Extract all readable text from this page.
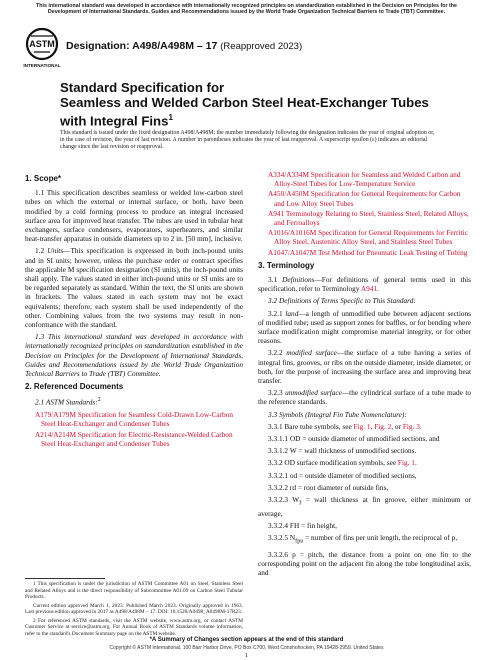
This international standard was developed in accordance with internationally recognized principles on standardization established in the Decision on Principles for the Development of International Standards, Guides and Recommendations issued by the World Trade Organization Technical Barriers to Trade (TBT) Committee.
ASTM
INTERNATIONAL
Designation: A498/A498M – 17 (Reapproved 2023)
Standard Specification for
Seamless and Welded Carbon Steel Heat-Exchanger Tubes
with Integral Fins$^1$
This standard is issued under the fixed designation A498/A498M; the number immediately following the designation indicates the year of original adoption or, in the case of revision, the year of last revision. A number in parentheses indicates the year of last reapproval. A superscript epsilon (ε) indicates an editorial change since the last revision or reapproval.
1. Scope*

1.1 This specification describes seamless or welded low-carbon steel tubes on which the external or internal surface, or both, have been modified by a cold forming process to produce an integral increased surface area for improved heat transfer. The tubes are used in tubular heat exchangers, surface condensers, evaporators, superheaters, and similar heat-transfer apparatus in outside diameters up to 2 in. [50 mm], inclusive.

1.2 Units—This specification is expressed in both inch-pound units and in SI units; however, unless the purchase order or contract specifies the applicable M specification designation (SI units), the inch-pound units shall apply. The values stated in either inch-pound units or SI units are to be regarded separately as standard. Within the text, the SI units are shown in brackets. The values stated in each system may not be exact equivalents; therefore, each system shall be used independently of the other. Combining values from the two systems may result in non-conformance with the standard.

1.3 This international standard was developed in accordance with internationally recognized principles on standardization established in the Decision on Principles for the Development of International Standards, Guides and Recommendations issued by the World Trade Organization Technical Barriers to Trade (TBT) Committee.

2. Referenced Documents

2.1 ASTM Standards:$^2$

A179/A179M Specification for Seamless Cold-Drawn Low-Carbon Steel Heat-Exchanger and Condenser Tubes
A214/A214M Specification for Electric-Resistance-Welded Carbon Steel Heat-Exchanger and Condenser Tubes
A334/A334M Specification for Seamless and Welded Carbon and Alloy-Steel Tubes for Low-Temperature Service
A450/A450M Specification for General Requirements for Carbon and Low Alloy Steel Tubes
A941 Terminology Relating to Steel, Stainless Steel, Related Alloys, and Ferroalloys
A1016/A1016M Specification for General Requirements for Ferritic Alloy Steel, Austenitic Alloy Steel, and Stainless Steel Tubes
A1047/A1047M Test Method for Pneumatic Leak Testing of Tubing
3. Terminology

3.1 Definitions—For definitions of general terms used in this specification, refer to Terminology A941.

3.2 Definitions of Terms Specific to This Standard:

3.2.1 land—a length of unmodified tube between adjacent sections of modified tube; used as support zones for baffles, or for bending where surface modification might compromise material integrity, or for other reasons.

3.2.2 modified surface—the surface of a tube having a series of integral fins, grooves, or ribs on the outside diameter, inside diameter, or both, for the purpose of increasing the surface area and improving heat transfer.

3.2.3 unmodified surface—the cylindrical surface of a tube made to the reference standards.

3.3 Symbols (Integral Fin Tube Nomenclature):

3.3.1 Bare tube symbols, see Fig. 1, Fig. 2, or Fig. 3.

3.3.1.1 OD = outside diameter of unmodified sections, and

3.3.1.2 W = wall thickness of unmodified sections.

3.3.2 OD surface modification symbols, see Fig. 1.

3.3.2.1 od = outside diameter of modified sections,

3.3.2.2 rd = root diameter of outside fins,

3.3.2.3 $W_f$ = wall thickness at fin groove, either minimum or average,

3.3.2.4 FH = fin height,

3.3.2.5 $N_{fpu}$ = number of fins per unit length, the reciprocal of p,

3.3.2.6 p = pitch, the distance from a point on one fin to the corresponding point on the adjacent fin along the tube longitudinal axis, and

1 This specification is under the jurisdiction of ASTM Committee A01 on Steel, Stainless Steel and Related Alloys and is the direct responsibility of Subcommittee A01.09 on Carbon Steel Tubular Products.

Current edition approved March 1, 2023. Published March 2023. Originally approved in 1963. Last previous edition approved in 2017 as A498/A498M – 17. DOI: 10.1520/A0498_A0498M-17R23.

2 For referenced ASTM standards, visit the ASTM website, www.astm.org, or contact ASTM Customer Service at service@astm.org. For Annual Book of ASTM Standards volume information, refer to the standard's Document Summary page on the ASTM website.

*A Summary of Changes section appears at the end of this standard
Copyright © ASTM International, 100 Barr Harbor Drive, PO Box C700, West Conshohocken, PA 19428-2959. United States
1
